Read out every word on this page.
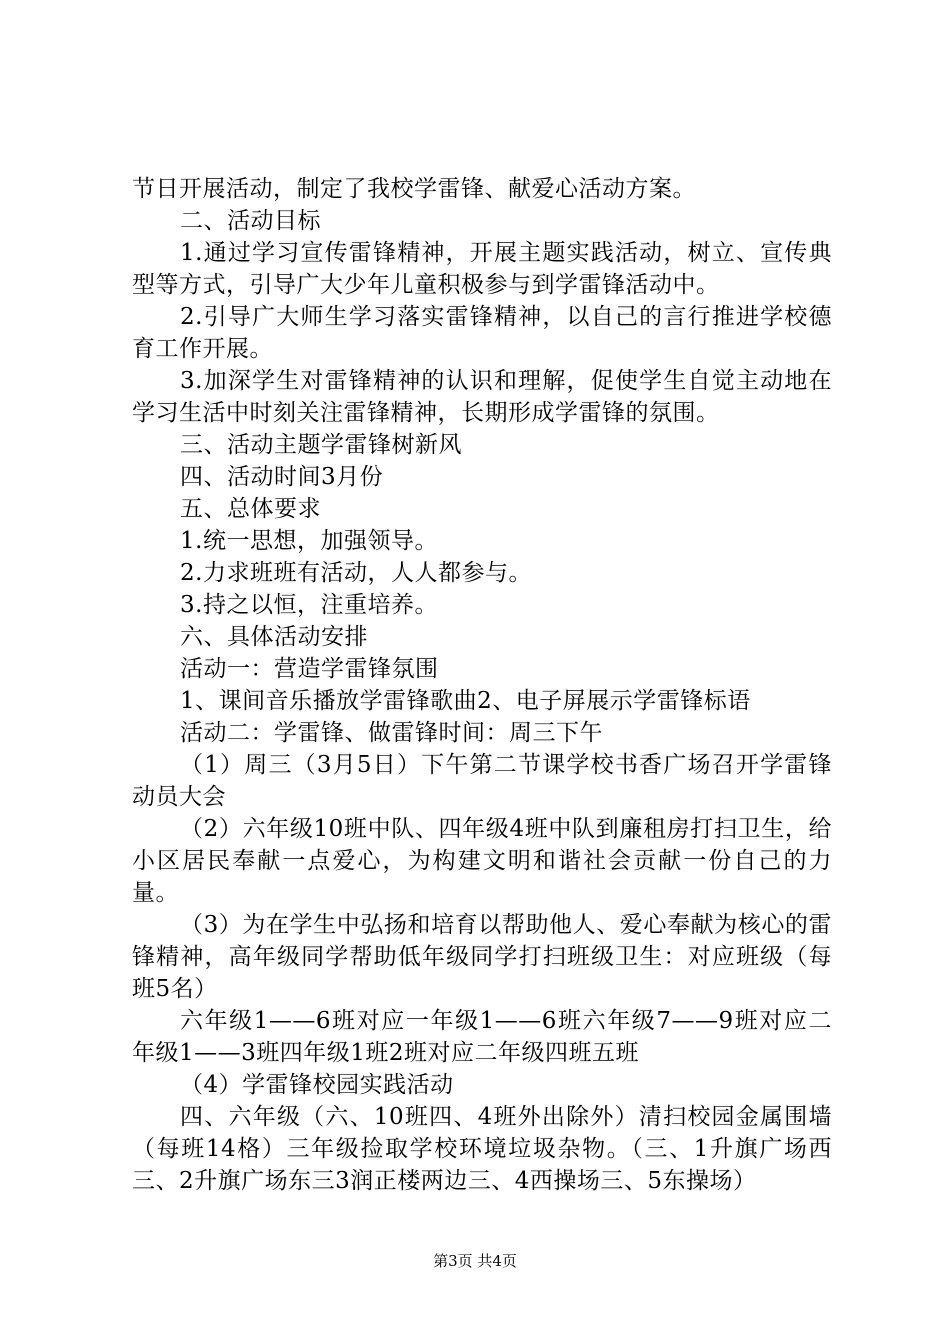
节日开展活动，制定了我校学雷锋、献爱心活动方案。

二、活动目标

1.通过学习宣传雷锋精神，开展主题实践活动，树立、宣传典型等方式，引导广大少年儿童积极参与到学雷锋活动中。

2.引导广大师生学习落实雷锋精神，以自己的言行推进学校德育工作开展。

3.加深学生对雷锋精神的认识和理解，促使学生自觉主动地在学习生活中时刻关注雷锋精神，长期形成学雷锋的氛围。

三、活动主题学雷锋树新风

四、活动时间3月份

五、总体要求

1.统一思想，加强领导。

2.力求班班有活动，人人都参与。

3.持之以恒，注重培养。

六、具体活动安排

活动一：营造学雷锋氛围

1、课间音乐播放学雷锋歌曲2、电子屏展示学雷锋标语

活动二：学雷锋、做雷锋时间：周三下午

（1）周三（3月5日）下午第二节课学校书香广场召开学雷锋动员大会

（2）六年级10班中队、四年级4班中队到廉租房打扫卫生，给小区居民奉献一点爱心，为构建文明和谐社会贡献一份自己的力量。

（3）为在学生中弘扬和培育以帮助他人、爱心奉献为核心的雷锋精神，高年级同学帮助低年级同学打扫班级卫生：对应班级（每班5名）

六年级1——6班对应一年级1——6班六年级7——9班对应二年级1——3班四年级1班2班对应二年级四班五班

（4）学雷锋校园实践活动

四、六年级（六、10班四、4班外出除外）清扫校园金属围墙（每班14格）三年级捡取学校环境垃圾杂物。（三、1升旗广场西三、2升旗广场东三3润正楼两边三、4西操场三、5东操场）

第3页 共4页
